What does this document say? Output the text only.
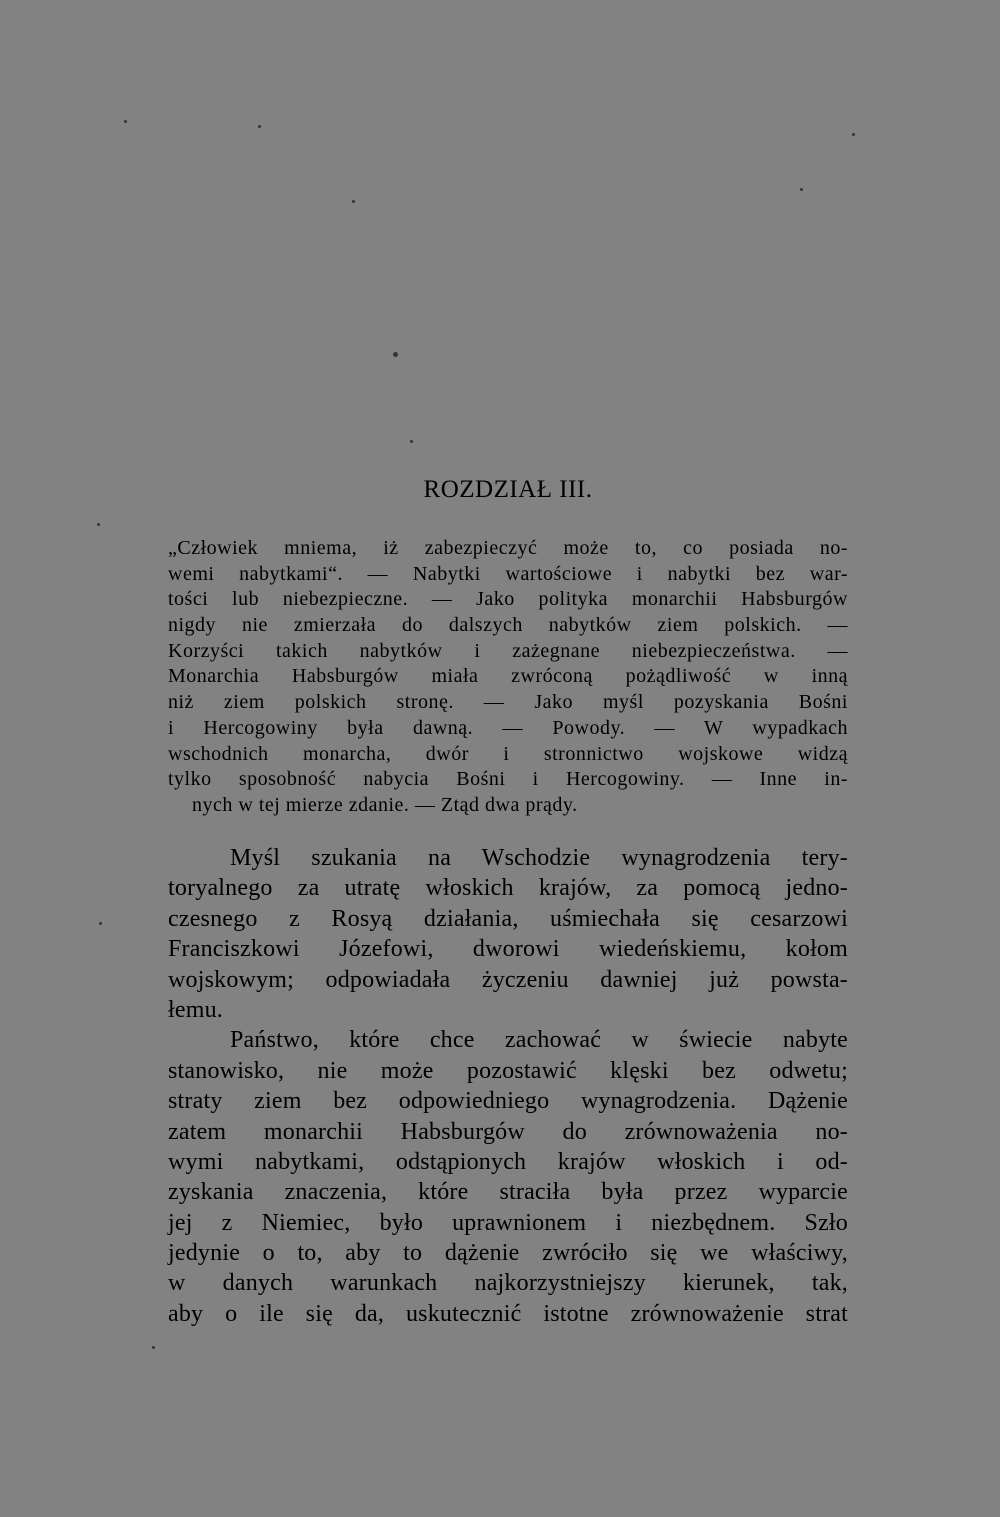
ROZDZIAŁ III.
„Człowiek mniema, iż zabezpieczyć może to, co posiada no-
wemi nabytkami“. — Nabytki wartościowe i nabytki bez war-
tości lub niebezpieczne. — Jako polityka monarchii Habsburgów
nigdy nie zmierzała do dalszych nabytków ziem polskich. —
Korzyści takich nabytków i zażegnane niebezpieczeństwa. —
Monarchia Habsburgów miała zwróconą pożądliwość w inną
niż ziem polskich stronę. — Jako myśl pozyskania Bośni
i Hercogowiny była dawną. — Powody. — W wypadkach
wschodnich monarcha, dwór i stronnictwo wojskowe widzą
tylko sposobność nabycia Bośni i Hercogowiny. — Inne in-
nych w tej mierze zdanie. — Ztąd dwa prądy.
Myśl szukania na Wschodzie wynagrodzenia tery-
toryalnego za utratę włoskich krajów, za pomocą jedno-
czesnego z Rosyą działania, uśmiechała się cesarzowi
Franciszkowi Józefowi, dworowi wiedeńskiemu, kołom
wojskowym; odpowiadała życzeniu dawniej już powsta-
łemu.
Państwo, które chce zachować w świecie nabyte
stanowisko, nie może pozostawić klęski bez odwetu;
straty ziem bez odpowiedniego wynagrodzenia. Dążenie
zatem monarchii Habsburgów do zrównoważenia no-
wymi nabytkami, odstąpionych krajów włoskich i od-
zyskania znaczenia, które straciła była przez wyparcie
jej z Niemiec, było uprawnionem i niezbędnem. Szło
jedynie o to, aby to dążenie zwróciło się we właściwy,
w danych warunkach najkorzystniejszy kierunek, tak,
aby o ile się da, uskutecznić istotne zrównoważenie strat
